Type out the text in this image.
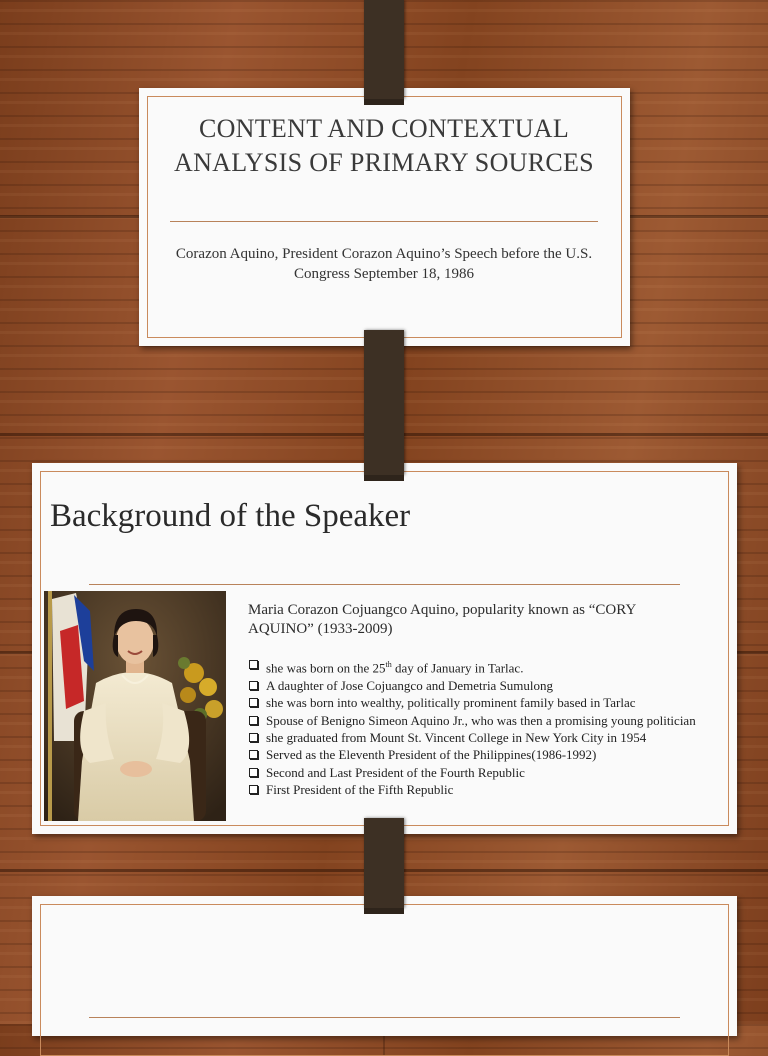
CONTENT AND CONTEXTUAL ANALYSIS OF PRIMARY SOURCES
Corazon Aquino, President Corazon Aquino’s Speech before the U.S. Congress September 18, 1986
Background of the Speaker
Maria Corazon Cojuangco Aquino, popularity known as “CORY AQUINO” (1933-2009)
she was born on the 25th day of January in Tarlac.
A daughter of Jose Cojuangco and Demetria Sumulong
she was born into wealthy, politically prominent family based in Tarlac
Spouse of Benigno Simeon Aquino Jr., who was then a promising young politician
she graduated from Mount St. Vincent College in New York City in 1954
Served as the Eleventh President of the Philippines(1986-1992)
Second and Last President of the Fourth Republic
First President of the Fifth Republic
